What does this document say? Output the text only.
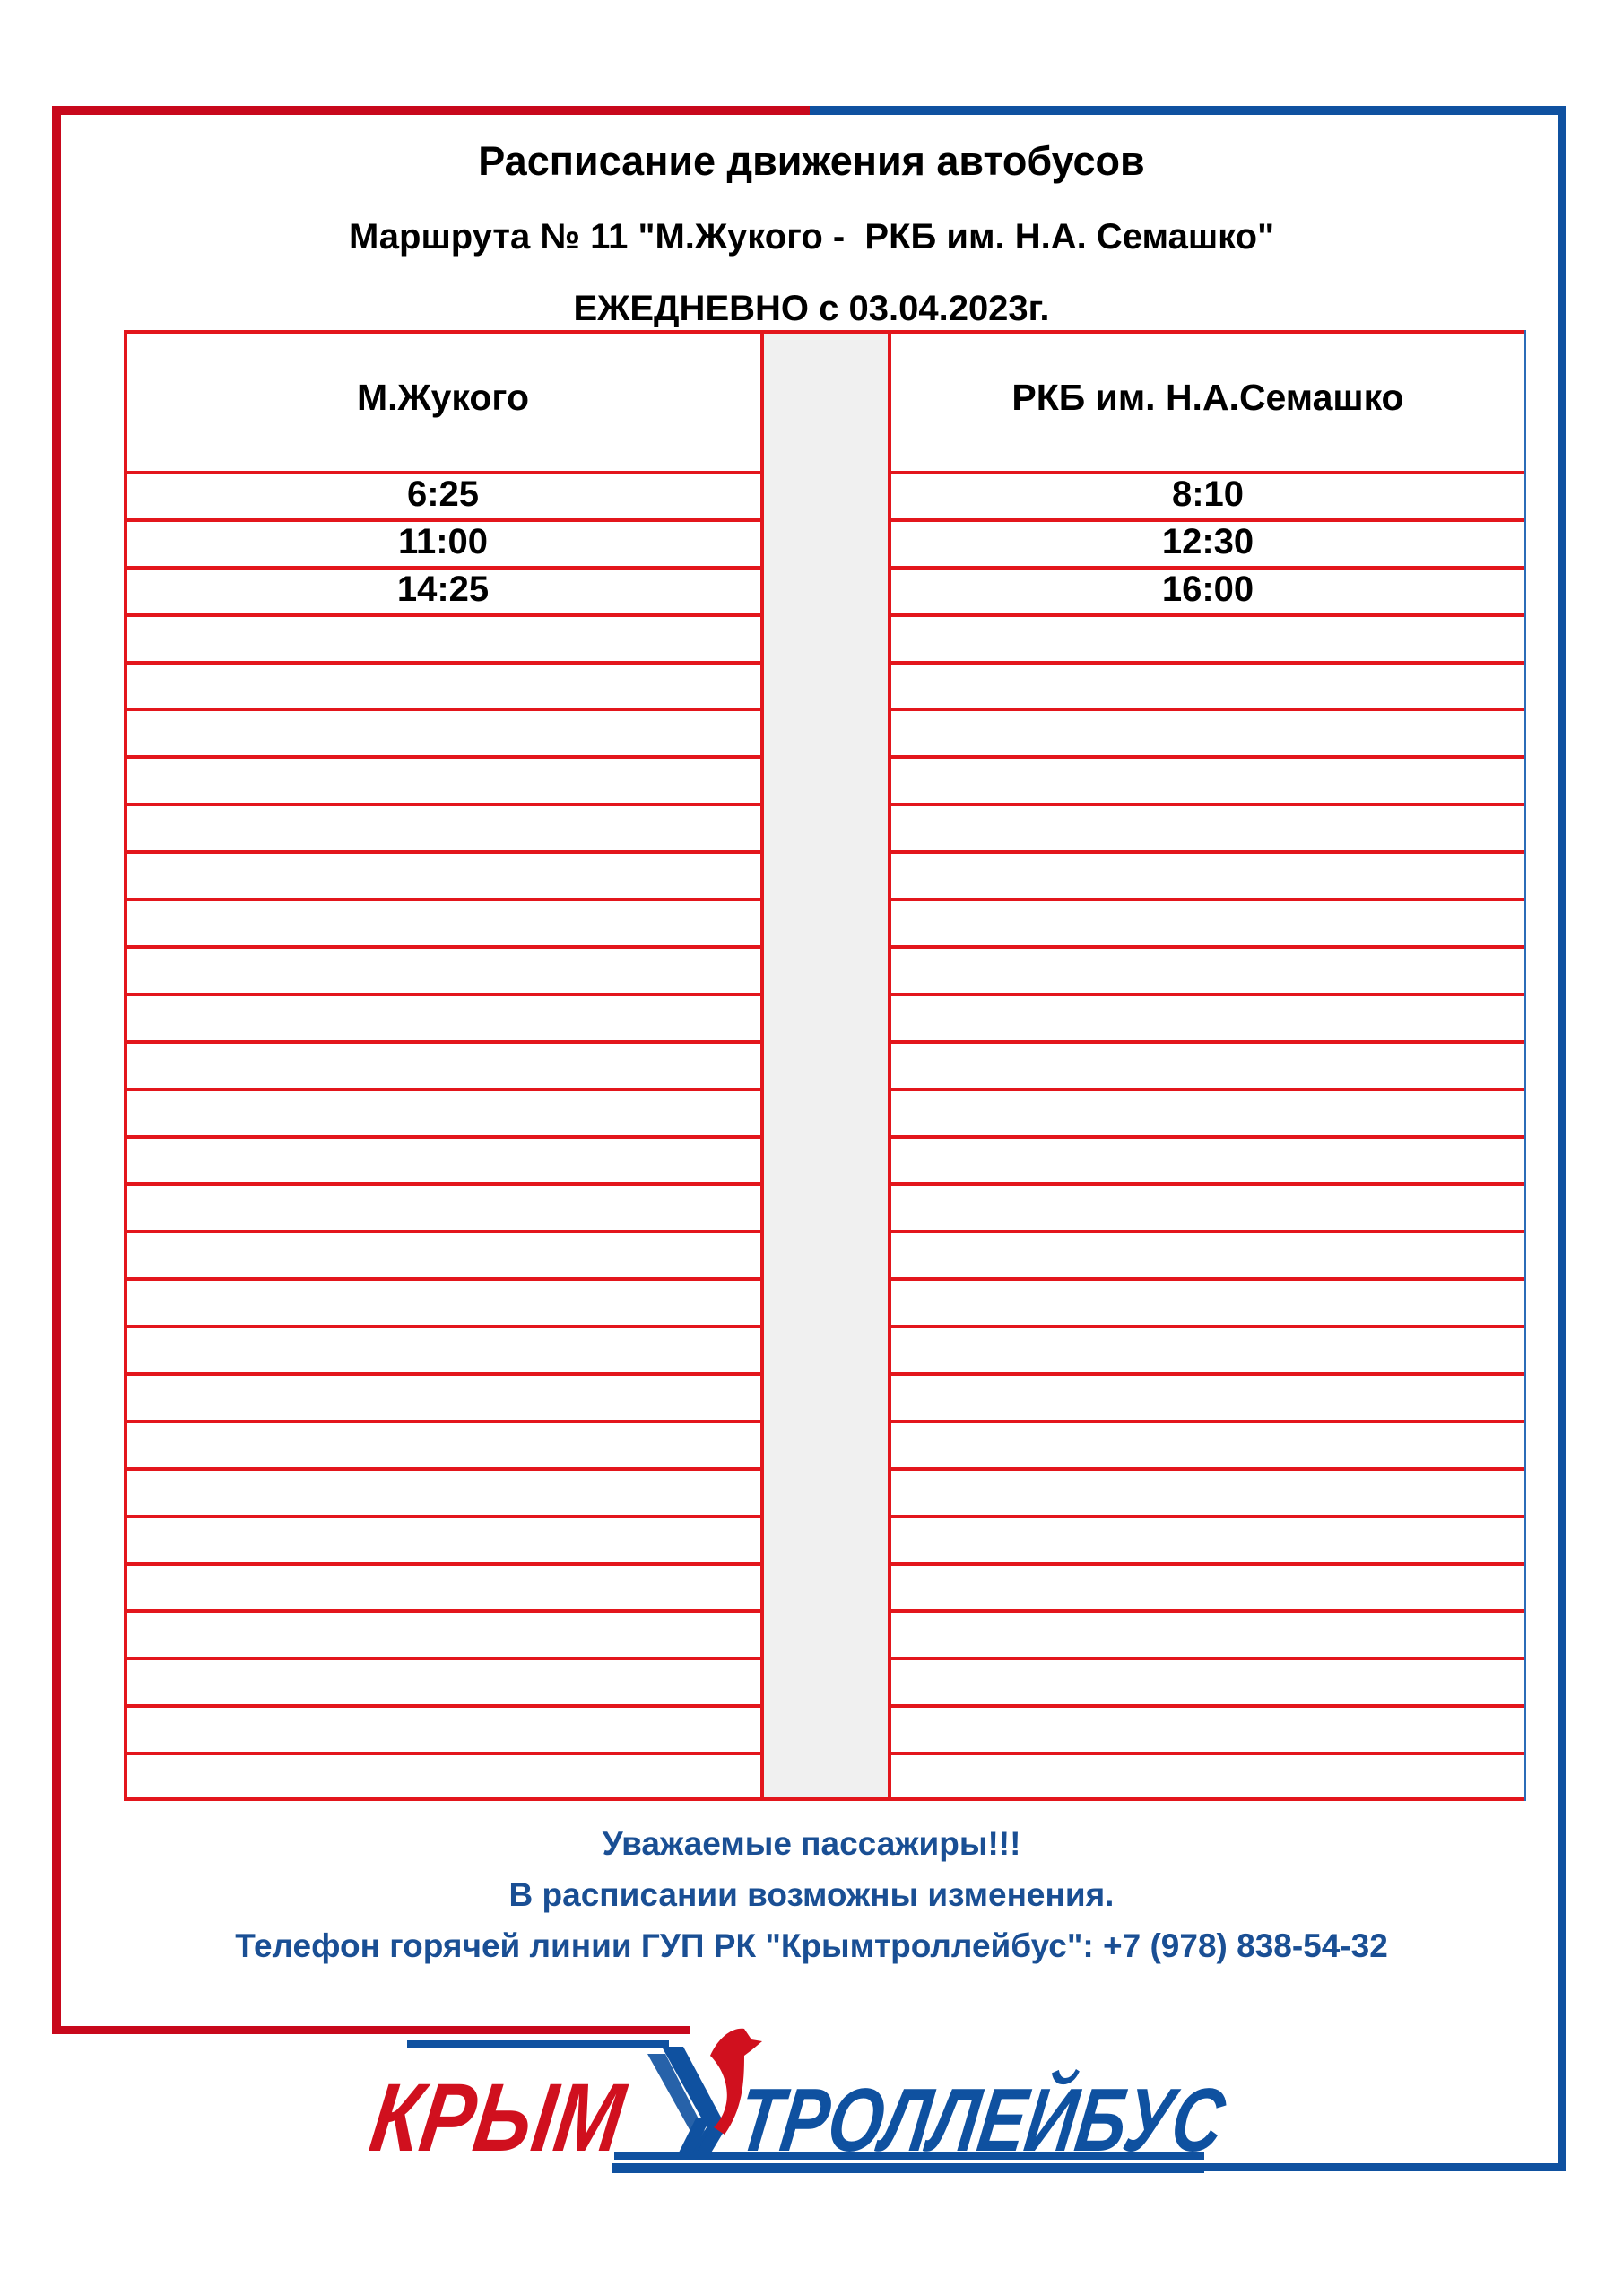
Расписание движения автобусов
Маршрута № 11 "М.Жукого -  РКБ им. Н.А. Семашко"
ЕЖЕДНЕВНО с 03.04.2023г.
М.Жукого
6:25
11:00
14:25
РКБ им. Н.А.Семашко
8:10
12:30
16:00
Уважаемые пассажиры!!!
В расписании возможны изменения.
Телефон горячей линии ГУП РК "Крымтроллейбус": +7 (978) 838-54-32
КРЫМ ТРОЛЛЕЙБУС
